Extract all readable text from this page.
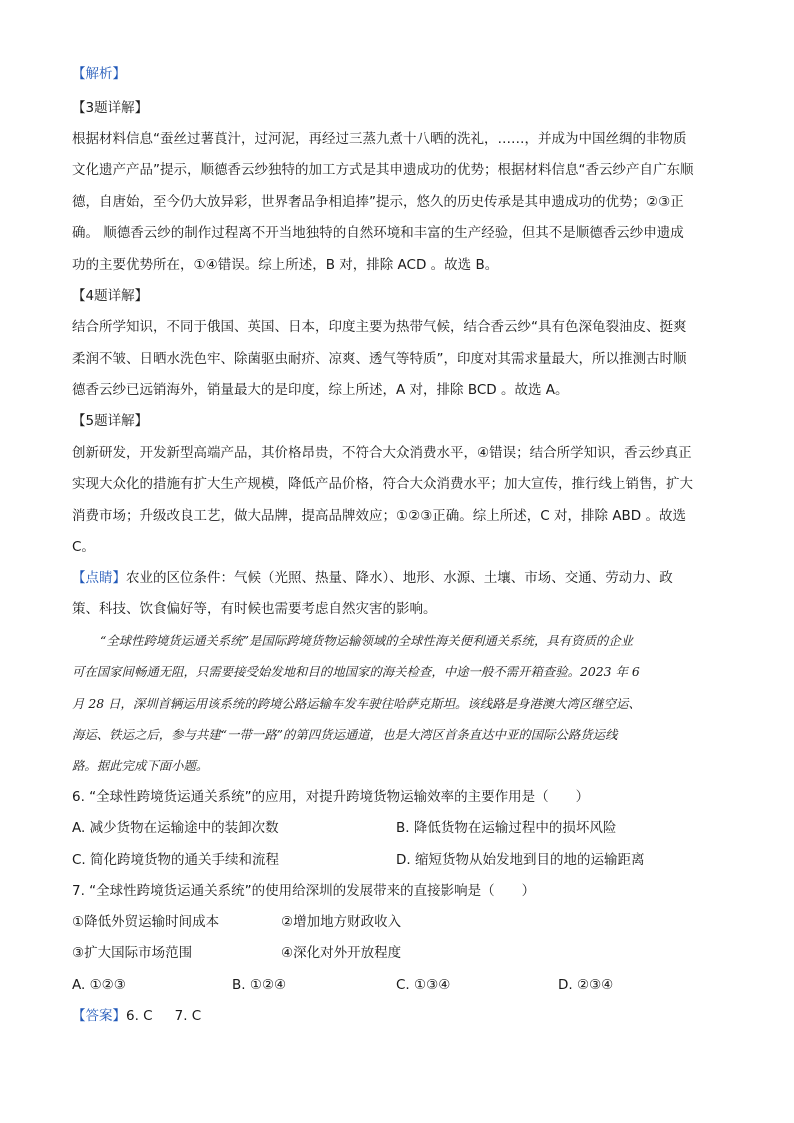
【解析】
【3题详解】
根据材料信息“蚕丝过薯莨汁，过河泥，再经过三蒸九煮十八晒的洗礼，……，并成为中国丝绸的非物质
文化遗产产品”提示，顺德香云纱独特的加工方式是其申遗成功的优势；根据材料信息“香云纱产自广东顺
德，自唐始，至今仍大放异彩，世界奢品争相追捧”提示，悠久的历史传承是其申遗成功的优势；②③正
确。 顺德香云纱的制作过程离不开当地独特的自然环境和丰富的生产经验，但其不是顺德香云纱申遗成
功的主要优势所在，①④错误。综上所述，B 对，排除 ACD 。故选 B。
【4题详解】
结合所学知识，不同于俄国、英国、日本，印度主要为热带气候，结合香云纱“具有色深龟裂油皮、挺爽
柔润不皱、日晒水洗色牢、除菌驱虫耐疥、凉爽、透气等特质”，印度对其需求量最大，所以推测古时顺
德香云纱已远销海外，销量最大的是印度，综上所述，A 对，排除 BCD 。故选 A。
【5题详解】
创新研发，开发新型高端产品，其价格昂贵，不符合大众消费水平，④错误；结合所学知识，香云纱真正
实现大众化的措施有扩大生产规模，降低产品价格，符合大众消费水平；加大宣传，推行线上销售，扩大
消费市场；升级改良工艺，做大品牌，提高品牌效应；①②③正确。综上所述，C 对，排除 ABD 。故选
C。
【点睛】农业的区位条件：气候（光照、热量、降水）、地形、水源、土壤、市场、交通、劳动力、政
策、科技、饮食偏好等，有时候也需要考虑自然灾害的影响。
“全球性跨境货运通关系统”是国际跨境货物运输领域的全球性海关便利通关系统，具有资质的企业
可在国家间畅通无阻，只需要接受始发地和目的地国家的海关检查，中途一般不需开箱查验。2023 年 6
月 28 日，深圳首辆运用该系统的跨境公路运输车发车驶往哈萨克斯坦。该线路是身港澳大湾区继空运、
海运、铁运之后，参与共建“一带一路”的第四货运通道，也是大湾区首条直达中亚的国际公路货运线
路。据此完成下面小题。
6. “全球性跨境货运通关系统”的应用，对提升跨境货物运输效率的主要作用是（　　）
A. 减少货物在运输途中的装卸次数	B. 降低货物在运输过程中的损坏风险
C. 简化跨境货物的通关手续和流程	D. 缩短货物从始发地到目的地的运输距离
7. “全球性跨境货运通关系统”的使用给深圳的发展带来的直接影响是（　　）
①降低外贸运输时间成本	②增加地方财政收入
③扩大国际市场范围	④深化对外开放程度
A. ①②③	B. ①②④	C. ①③④	D. ②③④
【答案】6. C 7. C
